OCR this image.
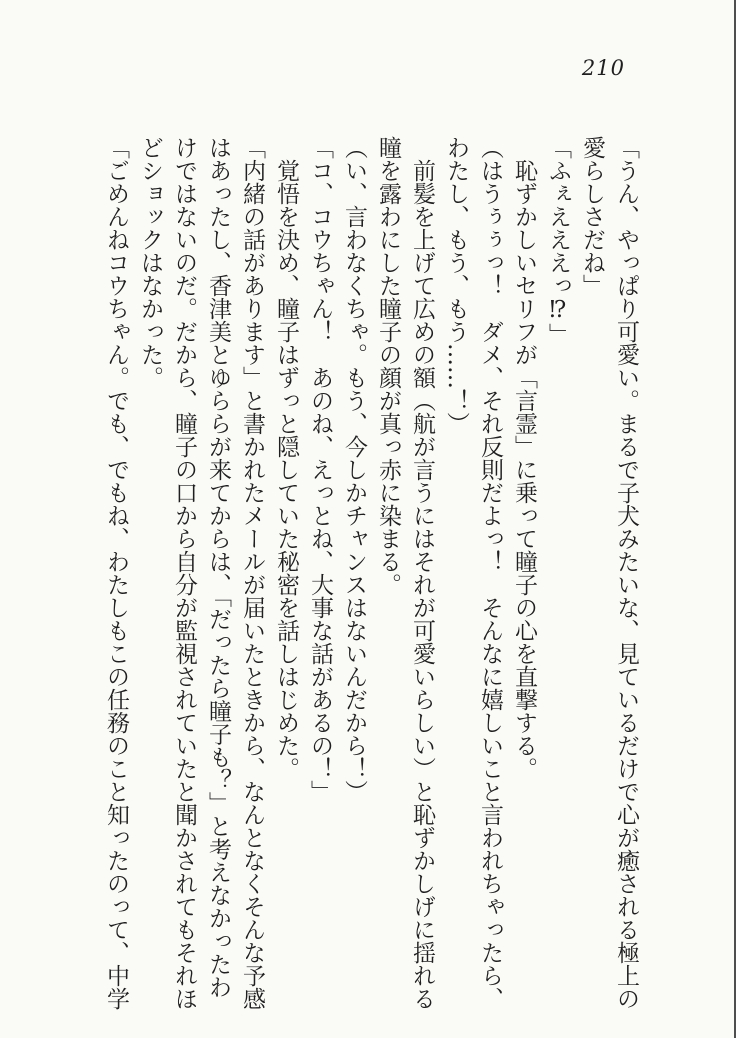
210

「うん、やっぱり可愛い。まるで子犬みたいな、見ているだけで心が癒される極上の

愛らしさだね」

「ふぇえええっ⁉」

　恥ずかしいセリフが「言霊」に乗って瞳子の心を直撃する。

（はうぅぅっ！　ダメ、それ反則だよっ！　そんなに嬉しいこと言われちゃったら、

わたし、もう、もう……！）

　前髪を上げて広めの額（航が言うにはそれが可愛いらしい）と恥ずかしげに揺れる

瞳を露わにした瞳子の顔が真っ赤に染まる。

（い、言わなくちゃ。もう、今しかチャンスはないんだから！）

「コ、コウちゃん！　あのね、えっとね、大事な話があるの！」

　覚悟を決め、瞳子はずっと隠していた秘密を話しはじめた。

「内緒の話があります」と書かれたメールが届いたときから、なんとなくそんな予感

はあったし、香津美とゆららが来てからは、「だったら瞳子も？」と考えなかったわ

けではないのだ。だから、瞳子の口から自分が監視されていたと聞かされてもそれほ

どショックはなかった。

「ごめんねコウちゃん。でも、でもね、わたしもこの任務のこと知ったのって、中学
